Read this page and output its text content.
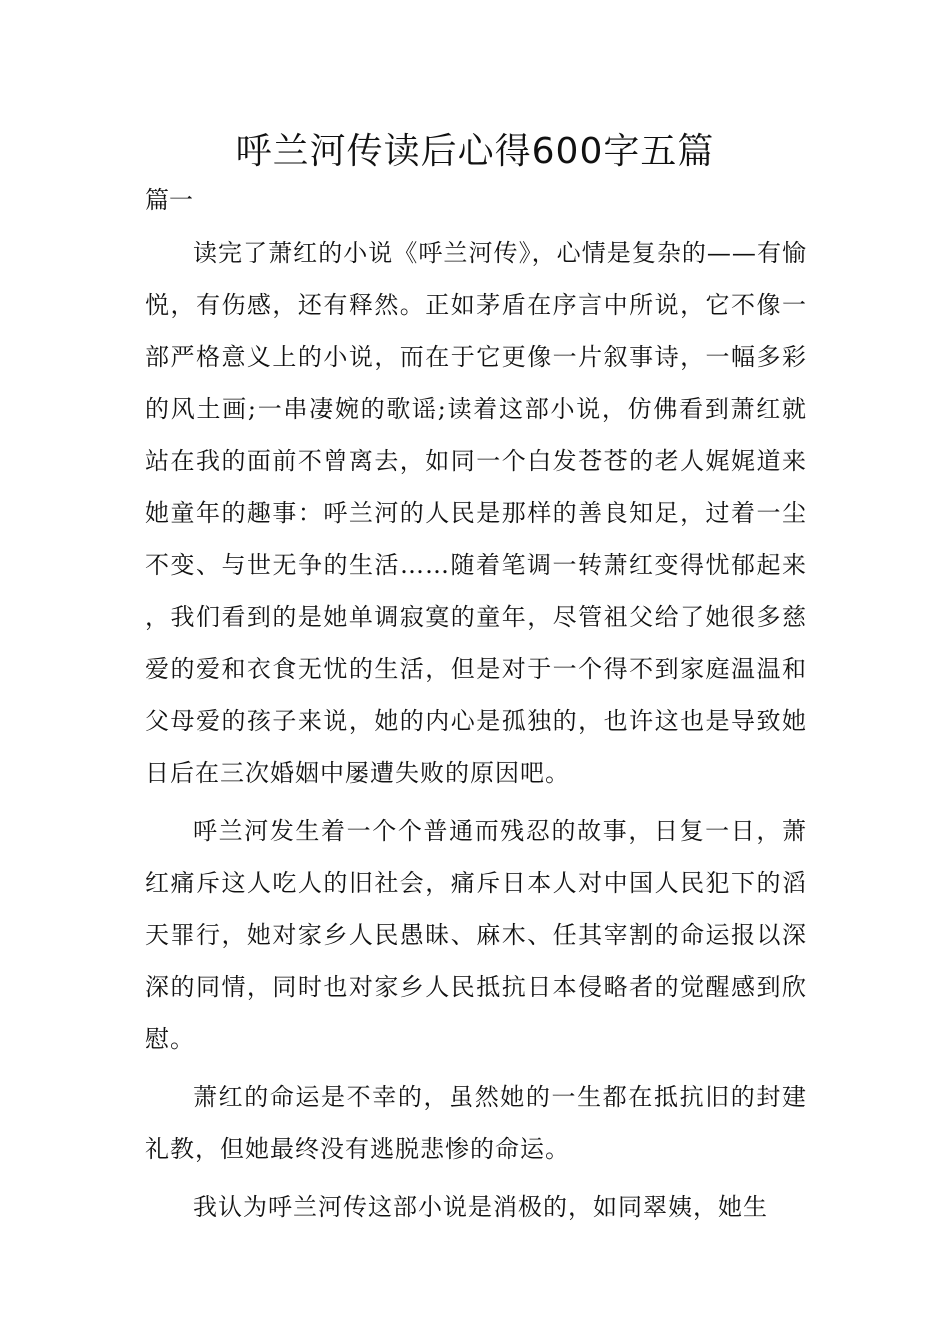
呼兰河传读后心得600字五篇
篇一

读完了萧红的小说《呼兰河传》，心情是复杂的——有愉悦，有伤感，还有释然。正如茅盾在序言中所说，它不像一部严格意义上的小说，而在于它更像一片叙事诗，一幅多彩的风土画;一串凄婉的歌谣;读着这部小说，仿佛看到萧红就站在我的面前不曾离去，如同一个白发苍苍的老人娓娓道来她童年的趣事：呼兰河的人民是那样的善良知足，过着一尘不变、与世无争的生活……随着笔调一转萧红变得忧郁起来，我们看到的是她单调寂寞的童年，尽管祖父给了她很多慈爱的爱和衣食无忧的生活，但是对于一个得不到家庭温温和父母爱的孩子来说，她的内心是孤独的，也许这也是导致她日后在三次婚姻中屡遭失败的原因吧。

呼兰河发生着一个个普通而残忍的故事，日复一日，萧红痛斥这人吃人的旧社会，痛斥日本人对中国人民犯下的滔天罪行，她对家乡人民愚昧、麻木、任其宰割的命运报以深深的同情，同时也对家乡人民抵抗日本侵略者的觉醒感到欣慰。

萧红的命运是不幸的，虽然她的一生都在抵抗旧的封建礼教，但她最终没有逃脱悲惨的命运。

我认为呼兰河传这部小说是消极的，如同翠姨，她生
